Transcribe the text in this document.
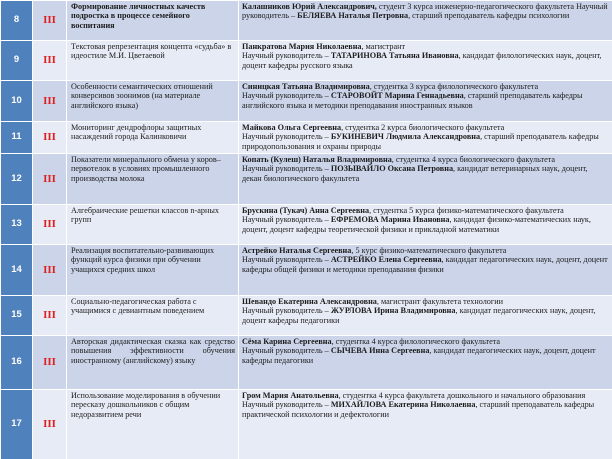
8	III	Формирование личностных качеств подростка в процессе семейного воспитания	Калашников Юрий Александрович, студент 3 курса инженерно-педагогического факультета Научный руководитель – БЕЛЯЕВА Наталья Петровна, старший преподаватель кафедры психологии
9	III	Текстовая репрезентация концепта «судьба» в идеостиле М.И. Цветаевой	Панкратова Мария Николаевна, магистрант
Научный руководитель – ТАТАРИНОВА Татьяна Ивановна, кандидат филологических наук, доцент, доцент кафедры русского языка
10	III	Особенности семантических отношений конверсивов зоонимов (на материале английского языка)	Синицкая Татьяна Владимировна, студентка 3 курса филологического факультета
Научный руководитель – СТАРОВОЙТ Марина Геннадьевна, старший преподаватель кафедры английского языка и методики преподавания иностранных языков
11	III	Мониторинг дендрофлоры защитных насаждений города Калинковичи	Майкова Ольга Сергеевна, студентка 2 курса биологического факультета
Научный руководитель – БУКИНЕВИЧ Людмила Александровна, старший преподаватель кафедры природопользования и охраны природы
12	III	Показатели минерального обмена у коров–первотелок в условиях промышленного производства молока	Копать (Кулеш) Наталья Владимировна, студентка 4 курса биологического факультета
Научный руководитель – ПОЗЫВАЙЛО Оксана Петровна, кандидат ветеринарных наук, доцент, декан биологического факультета
13	III	Алгебраические решетки классов n-арных групп	Брускина (Тукач) Анна Сергеевна, студентка 5 курса физико-математического факультета
Научный руководитель – ЕФРЕМОВА Марина Ивановна, кандидат физико-математических наук, доцент, доцент кафедры теоретической физики и прикладной математики
14	III	Реализация воспитательно-развивающих функций курса физики при обучении учащихся средних школ	Астрейко Наталья Сергеевна, 5 курс физико-математического факультета
Научный руководитель – АСТРЕЙКО Елена Сергеевна, кандидат педагогических наук, доцент, доцент кафедры общей физики и методики преподавания физики
15	III	Социально-педагогическая работа с учащимися с девиантным поведением	Шевандо Екатерина Александровна, магистрант факультета технологии
Научный руководитель – ЖУРЛОВА Ирина Владимировна, кандидат педагогических наук, доцент, доцент кафедры педагогики
16	III	Авторская дидактическая сказка как средство повышения эффективности обучения иностранному (английскому) языку	Сёма Карина Сергеевна, студентка 4 курса филологического факультета
Научный руководитель – СЫЧЕВА Инна Сергеевна, кандидат педагогических наук, доцент, доцент кафедры педагогики
17	III	Использование моделирования в обучении пересказу дошкольников с общим недоразвитием речи	Гром Мария Анатольевна, студентка 4 курса факультета дошкольного и начального образования
Научный руководитель – МИХАЙЛОВА Екатерина Николаевна, старший преподаватель кафедры практической психологии и дефектологии
